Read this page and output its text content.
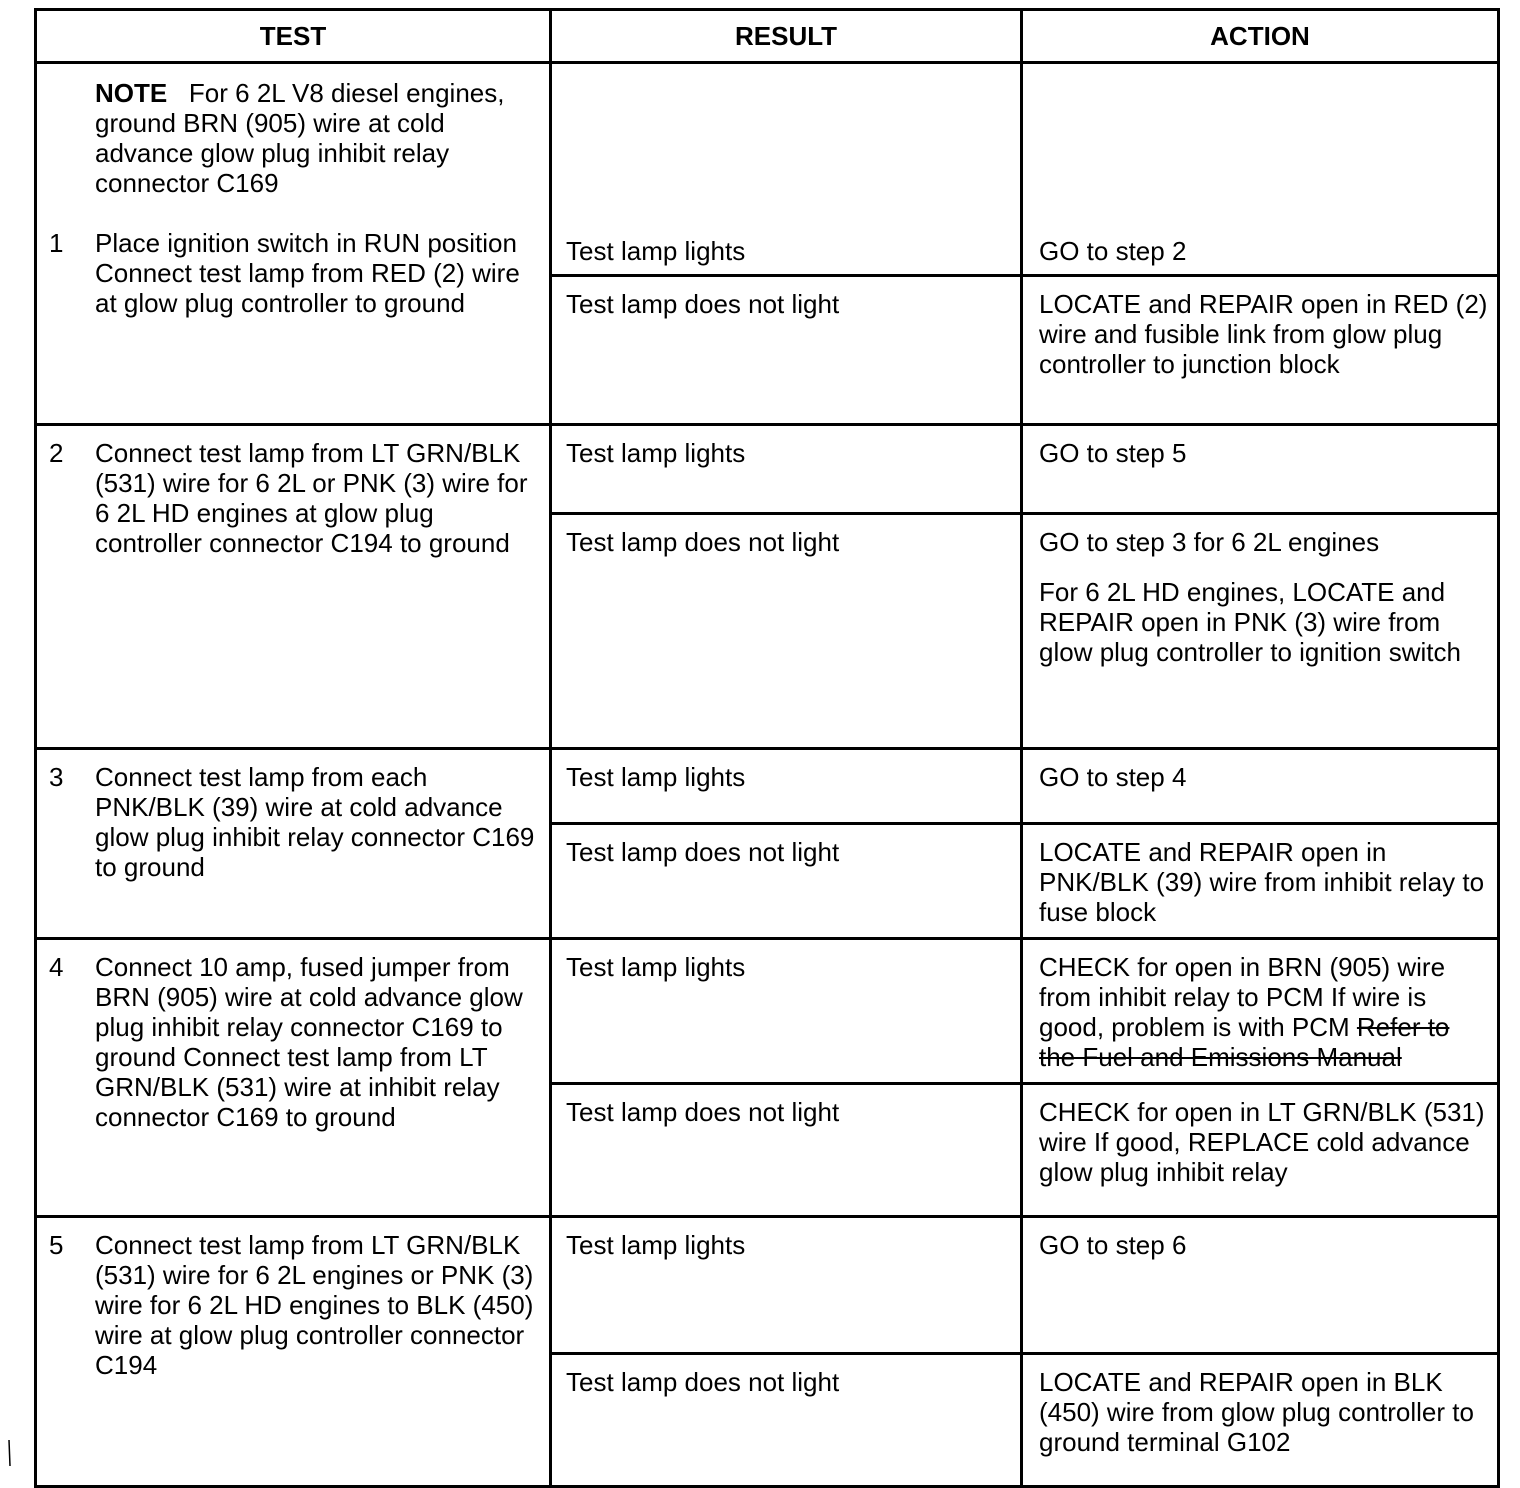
TEST	RESULT	ACTION

NOTE For 6 2L V8 diesel engines, ground BRN (905) wire at cold advance glow plug inhibit relay connector C169
1 Place ignition switch in RUN position Connect test lamp from RED (2) wire at glow plug controller to ground	Test lamp lights	GO to step 2

	Test lamp does not light	LOCATE and REPAIR open in RED (2) wire and fusible link from glow plug controller to junction block

2 Connect test lamp from LT GRN/BLK (531) wire for 6 2L or PNK (3) wire for 6 2L HD engines at glow plug controller connector C194 to ground	Test lamp lights	GO to step 5

	Test lamp does not light	GO to step 3 for 6 2L engines

For 6 2L HD engines, LOCATE and REPAIR open in PNK (3) wire from glow plug controller to ignition switch

3 Connect test lamp from each PNK/BLK (39) wire at cold advance glow plug inhibit relay connector C169 to ground	Test lamp lights	GO to step 4

	Test lamp does not light	LOCATE and REPAIR open in PNK/BLK (39) wire from inhibit relay to fuse block

4 Connect 10 amp, fused jumper from BRN (905) wire at cold advance glow plug inhibit relay connector C169 to ground Connect test lamp from LT GRN/BLK (531) wire at inhibit relay connector C169 to ground	Test lamp lights	CHECK for open in BRN (905) wire from inhibit relay to PCM If wire is good, problem is with PCM Refer to the Fuel and Emissions Manual

	Test lamp does not light	CHECK for open in LT GRN/BLK (531) wire If good, REPLACE cold advance glow plug inhibit relay

5 Connect test lamp from LT GRN/BLK (531) wire for 6 2L engines or PNK (3) wire for 6 2L HD engines to BLK (450) wire at glow plug controller connector C194	Test lamp lights	GO to step 6

	Test lamp does not light	LOCATE and REPAIR open in BLK (450) wire from glow plug controller to ground terminal G102
